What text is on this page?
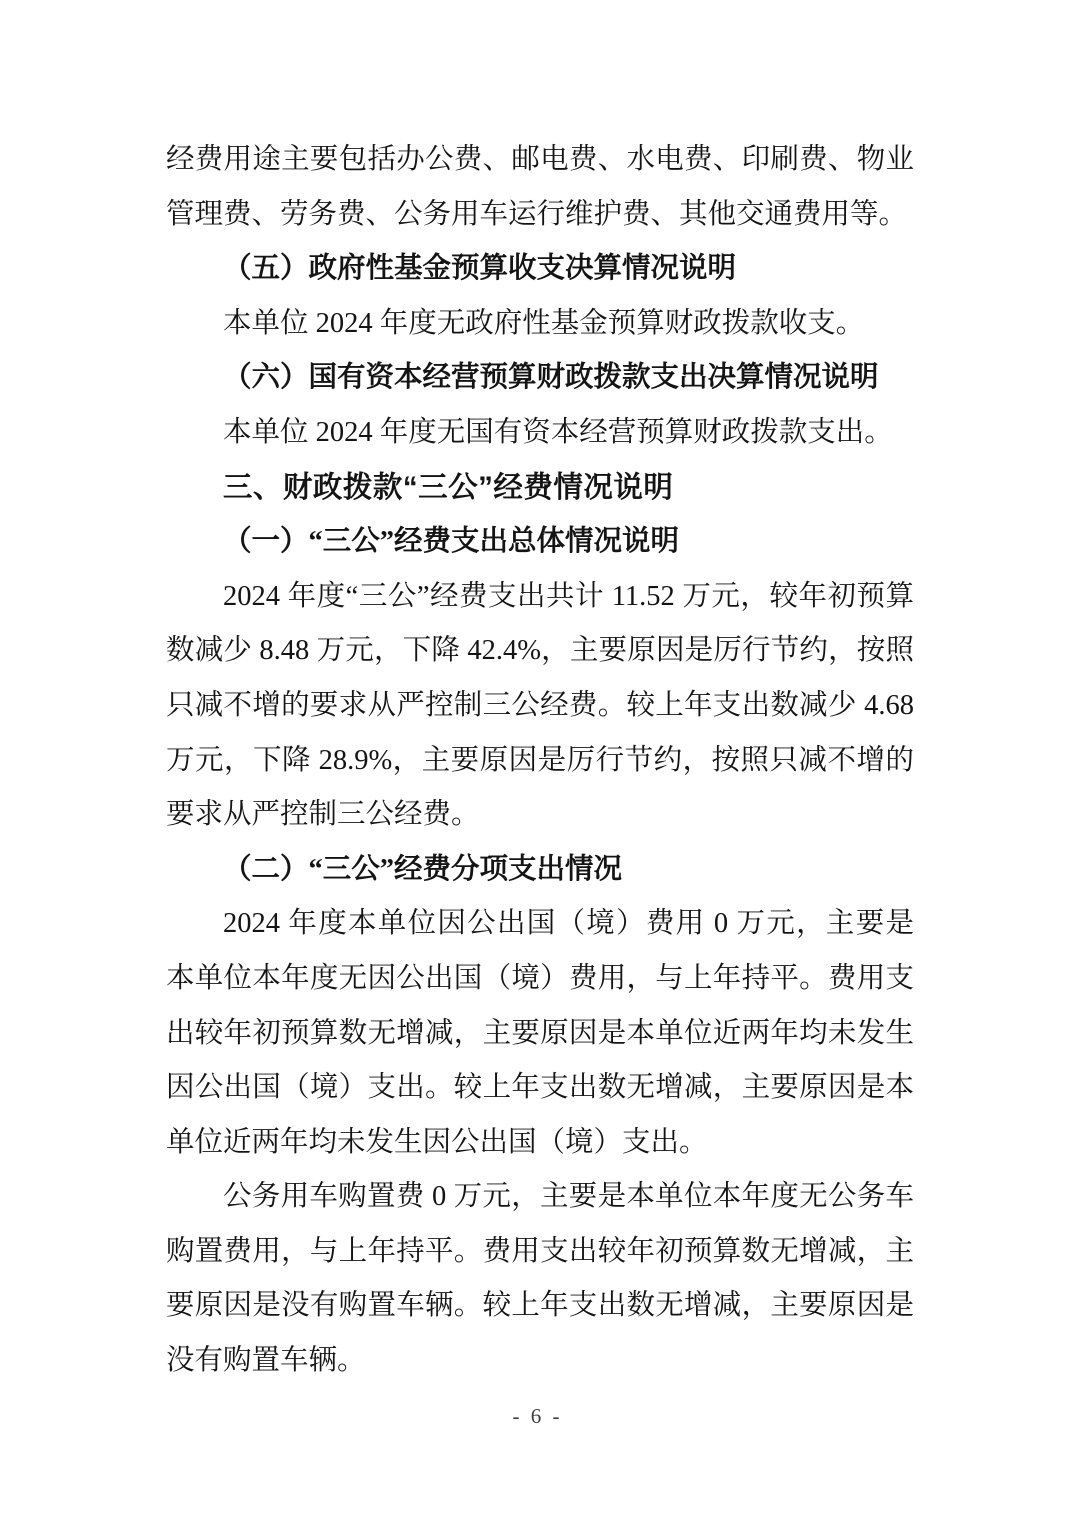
经费用途主要包括办公费、邮电费、水电费、印刷费、物业管理费、劳务费、公务用车运行维护费、其他交通费用等。

（五）政府性基金预算收支决算情况说明

本单位 2024 年度无政府性基金预算财政拨款收支。

（六）国有资本经营预算财政拨款支出决算情况说明

本单位 2024 年度无国有资本经营预算财政拨款支出。

三、财政拨款“三公”经费情况说明
（一）“三公”经费支出总体情况说明

2024 年度“三公”经费支出共计 11.52 万元，较年初预算数减少 8.48 万元，下降 42.4%，主要原因是厉行节约，按照只减不增的要求从严控制三公经费。较上年支出数减少 4.68 万元，下降 28.9%，主要原因是厉行节约，按照只减不增的要求从严控制三公经费。

（二）“三公”经费分项支出情况

2024 年度本单位因公出国（境）费用 0 万元，主要是本单位本年度无因公出国（境）费用，与上年持平。费用支出较年初预算数无增减，主要原因是本单位近两年均未发生因公出国（境）支出。较上年支出数无增减，主要原因是本单位近两年均未发生因公出国（境）支出。

公务用车购置费 0 万元，主要是本单位本年度无公务车购置费用，与上年持平。费用支出较年初预算数无增减，主要原因是没有购置车辆。较上年支出数无增减，主要原因是没有购置车辆。

- 6 -
